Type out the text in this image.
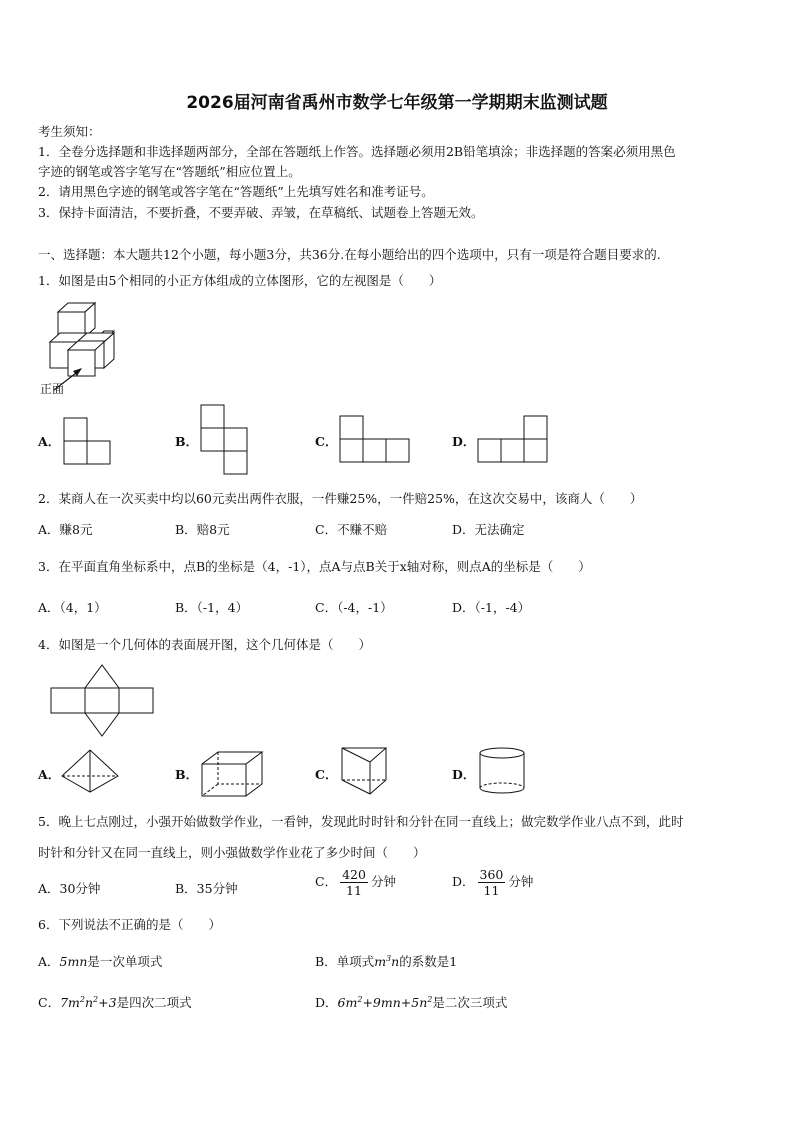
2026届河南省禹州市数学七年级第一学期期末监测试题
考生须知：
1．全卷分选择题和非选择题两部分，全部在答题纸上作答。选择题必须用2B铅笔填涂；非选择题的答案必须用黑色
字迹的钢笔或答字笔写在“答题纸”相应位置上。
2．请用黑色字迹的钢笔或答字笔在“答题纸”上先填写姓名和准考证号。
3．保持卡面清洁，不要折叠，不要弄破、弄皱，在草稿纸、试题卷上答题无效。
一、选择题：本大题共12个小题，每小题3分，共36分.在每小题给出的四个选项中，只有一项是符合题目要求的.
1．如图是由5个相同的小正方体组成的立体图形，它的左视图是（　　）
正面
A．	B．	C．	D．
2．某商人在一次买卖中均以60元卖出两件衣服，一件赚25%，一件赔25%，在这次交易中，该商人（　　）
A．赚8元	B．赔8元	C．不赚不赔	D．无法确定
3．在平面直角坐标系中，点B的坐标是（4，-1），点A与点B关于x轴对称，则点A的坐标是（　　）
A．（4，1）	B．（-1，4）	C．（-4，-1）	D．（-1，-4）
4．如图是一个几何体的表面展开图，这个几何体是（　　）
A．	B．	C．	D．
5．晚上七点刚过，小强开始做数学作业，一看钟，发现此时时针和分针在同一直线上；做完数学作业八点不到，此时
时针和分针又在同一直线上，则小强做数学作业花了多少时间（　　）
A．30分钟	B．35分钟	C． $\frac{420}{11}$ 分钟	D． $\frac{360}{11}$ 分钟
6．下列说法不正确的是（　　）
A．5mn是一次单项式	B．单项式$m^3n$的系数是1
C．$7m^2n^2+3$是四次二项式	D．$6m^2+9mn+5n^2$是二次三项式
